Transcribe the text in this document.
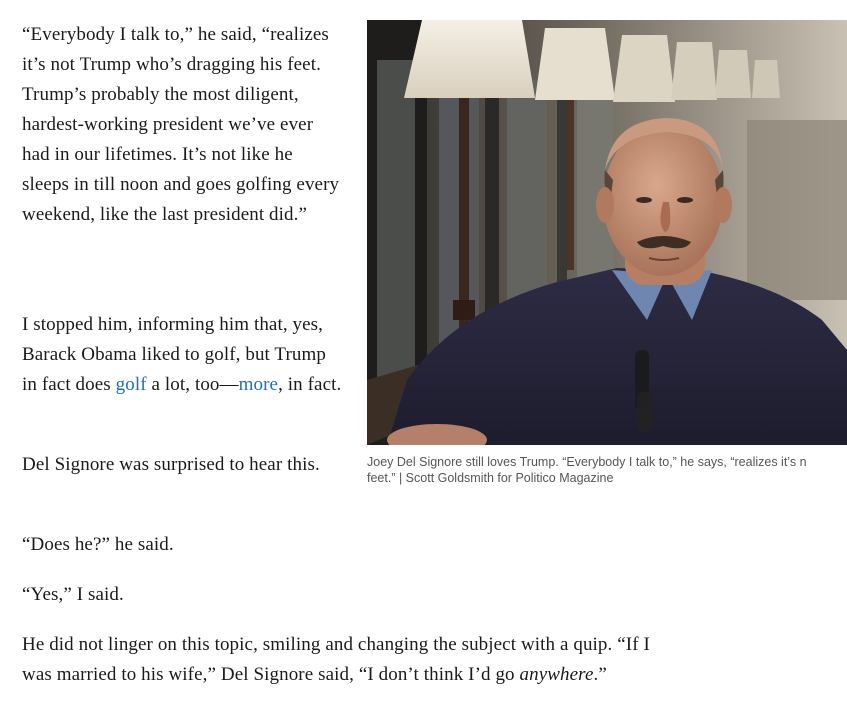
“Everybody I talk to,” he said, “realizes it’s not Trump who’s dragging his feet. Trump’s probably the most diligent, hardest-working president we’ve ever had in our lifetimes. It’s not like he sleeps in till noon and goes golfing every weekend, like the last president did.”

I stopped him, informing him that, yes, Barack Obama liked to golf, but Trump in fact does golf a lot, too—more, in fact.

Del Signore was surprised to hear this.

“Does he?” he said.

“Yes,” I said.

He did not linger on this topic, smiling and changing the subject with a quip. “If I was married to his wife,” Del Signore said, “I don’t think I’d go anywhere.”

Joey Del Signore still loves Trump. “Everybody I talk to,” he says, “realizes it’s n
feet.” | Scott Goldsmith for Politico Magazine
